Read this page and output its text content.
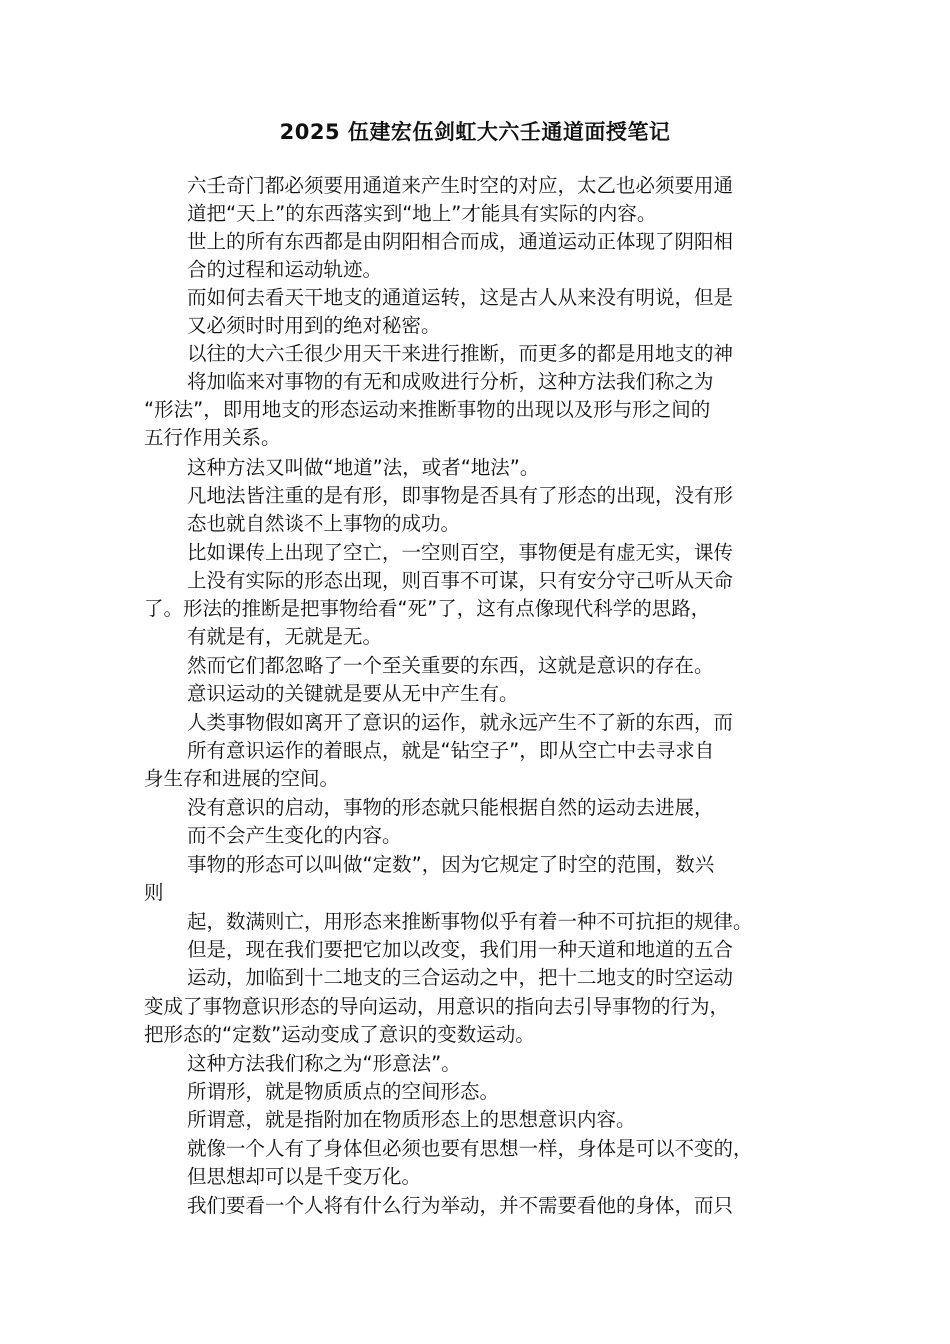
2025 伍建宏伍剑虹大六壬通道面授笔记
六壬奇门都必须要用通道来产生时空的对应，太乙也必须要用通
道把“天上”的东西落实到“地上”才能具有实际的内容。
世上的所有东西都是由阴阳相合而成，通道运动正体现了阴阳相
合的过程和运动轨迹。
而如何去看天干地支的通道运转，这是古人从来没有明说，但是
又必须时时用到的绝对秘密。
以往的大六壬很少用天干来进行推断，而更多的都是用地支的神
将加临来对事物的有无和成败进行分析，这种方法我们称之为
“形法”，即用地支的形态运动来推断事物的出现以及形与形之间的
五行作用关系。
这种方法又叫做“地道”法，或者“地法”。
凡地法皆注重的是有形，即事物是否具有了形态的出现，没有形
态也就自然谈不上事物的成功。
比如课传上出现了空亡，一空则百空，事物便是有虚无实，课传
上没有实际的形态出现，则百事不可谋，只有安分守己听从天命
了。形法的推断是把事物给看“死”了，这有点像现代科学的思路，
有就是有，无就是无。
然而它们都忽略了一个至关重要的东西，这就是意识的存在。
意识运动的关键就是要从无中产生有。
人类事物假如离开了意识的运作，就永远产生不了新的东西，而
所有意识运作的着眼点，就是“钻空子”，即从空亡中去寻求自
身生存和进展的空间。
没有意识的启动，事物的形态就只能根据自然的运动去进展，
而不会产生变化的内容。
事物的形态可以叫做“定数”，因为它规定了时空的范围，数兴
则
起，数满则亡，用形态来推断事物似乎有着一种不可抗拒的规律。
但是，现在我们要把它加以改变，我们用一种天道和地道的五合
运动，加临到十二地支的三合运动之中，把十二地支的时空运动
变成了事物意识形态的导向运动，用意识的指向去引导事物的行为，
把形态的“定数”运动变成了意识的变数运动。
这种方法我们称之为“形意法”。
所谓形，就是物质质点的空间形态。
所谓意，就是指附加在物质形态上的思想意识内容。
就像一个人有了身体但必须也要有思想一样，身体是可以不变的，
但思想却可以是千变万化。
我们要看一个人将有什么行为举动，并不需要看他的身体，而只
